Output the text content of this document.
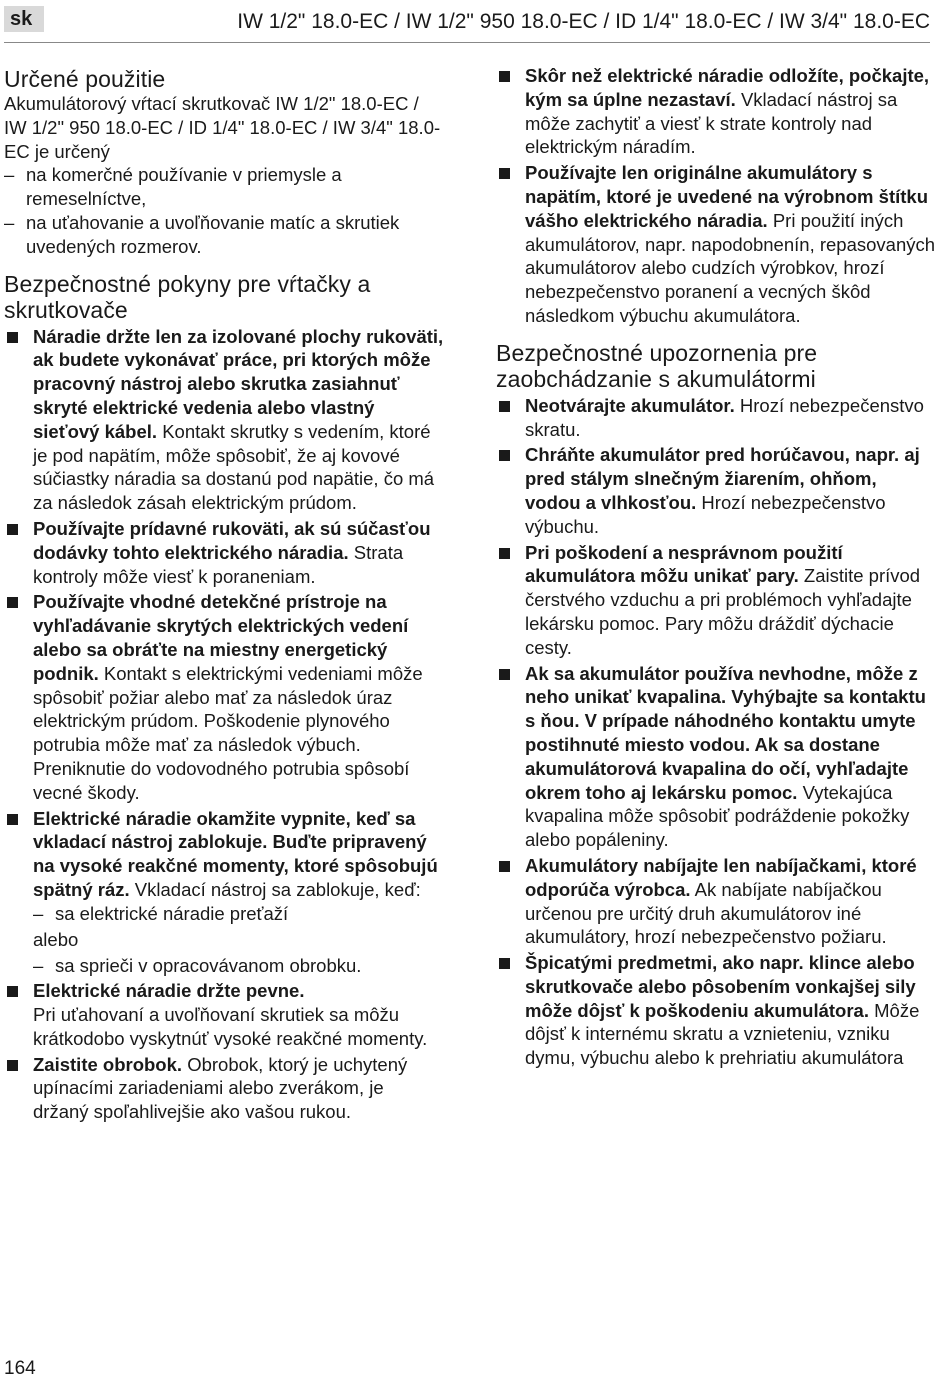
sk	IW 1/2" 18.0-EC / IW 1/2" 950 18.0-EC / ID 1/4" 18.0-EC / IW 3/4" 18.0-EC
Určené použitie

Akumulátorový vŕtací skrutkovač IW 1/2" 18.0-EC / IW 1/2" 950 18.0-EC / ID 1/4" 18.0-EC / IW 3/4" 18.0-EC je určený

– na komerčné používanie v priemysle a remeselníctve,
– na uťahovanie a uvoľňovanie matíc a skrutiek uvedených rozmerov.
Bezpečnostné pokyny pre vŕtačky a skrutkovače
Náradie držte len za izolované plochy rukoväti, ak budete vykonávať práce, pri ktorých môže pracovný nástroj alebo skrutka zasiahnuť skryté elektrické vedenia alebo vlastný sieťový kábel. Kontakt skrutky s vedením, ktoré je pod napätím, môže spôsobiť, že aj kovové súčiastky náradia sa dostanú pod napätie, čo má za následok zásah elektrickým prúdom.
Používajte prídavné rukoväti, ak sú súčasťou dodávky tohto elektrického náradia. Strata kontroly môže viesť k poraneniam.
Používajte vhodné detekčné prístroje na vyhľadávanie skrytých elektrických vedení alebo sa obráťte na miestny energetický podnik. Kontakt s elektrickými vedeniami môže spôsobiť požiar alebo mať za následok úraz elektrickým prúdom. Poškodenie plynového potrubia môže mať za následok výbuch. Preniknutie do vodovodného potrubia spôsobí vecné škody.
Elektrické náradie okamžite vypnite, keď sa vkladací nástroj zablokuje. Buďte pripravený na vysoké reakčné momenty, ktoré spôsobujú spätný ráz. Vkladací nástroj sa zablokuje, keď:
– sa elektrické náradie preťaží
alebo
– sa sprieči v opracovávanom obrobku.
Elektrické náradie držte pevne.
Pri uťahovaní a uvoľňovaní skrutiek sa môžu krátkodobo vyskytnúť vysoké reakčné momenty.
Zaistite obrobok. Obrobok, ktorý je uchytený upínacími zariadeniami alebo zverákom, je držaný spoľahlivejšie ako vašou rukou.
Skôr než elektrické náradie odložíte, počkajte, kým sa úplne nezastaví. Vkladací nástroj sa môže zachytiť a viesť k strate kontroly nad elektrickým náradím.
Používajte len originálne akumulátory s napätím, ktoré je uvedené na výrobnom štítku vášho elektrického náradia. Pri použití iných akumulátorov, napr. napodobnenín, repasovaných akumulátorov alebo cudzích výrobkov, hrozí nebezpečenstvo poranení a vecných škôd následkom výbuchu akumulátora.
Bezpečnostné upozornenia pre zaobchádzanie s akumulátormi
Neotvárajte akumulátor. Hrozí nebezpečenstvo skratu.
Chráňte akumulátor pred horúčavou, napr. aj pred stálym slnečným žiarením, ohňom, vodou a vlhkosťou. Hrozí nebezpečenstvo výbuchu.
Pri poškodení a nesprávnom použití akumulátora môžu unikať pary. Zaistite prívod čerstvého vzduchu a pri problémoch vyhľadajte lekársku pomoc. Pary môžu dráždiť dýchacie cesty.
Ak sa akumulátor používa nevhodne, môže z neho unikať kvapalina. Vyhýbajte sa kontaktu s ňou. V prípade náhodného kontaktu umyte postihnuté miesto vodou. Ak sa dostane akumulátorová kvapalina do očí, vyhľadajte okrem toho aj lekársku pomoc. Vytekajúca kvapalina môže spôsobiť podráždenie pokožky alebo popáleniny.
Akumulátory nabíjajte len nabíjačkami, ktoré odporúča výrobca. Ak nabíjate nabíjačkou určenou pre určitý druh akumulátorov iné akumulátory, hrozí nebezpečenstvo požiaru.
Špicatými predmetmi, ako napr. klince alebo skrutkovače alebo pôsobením vonkajšej sily môže dôjsť k poškodeniu akumulátora. Môže dôjsť k internému skratu a vznieteniu, vzniku dymu, výbuchu alebo k prehriatiu akumulátora
164
